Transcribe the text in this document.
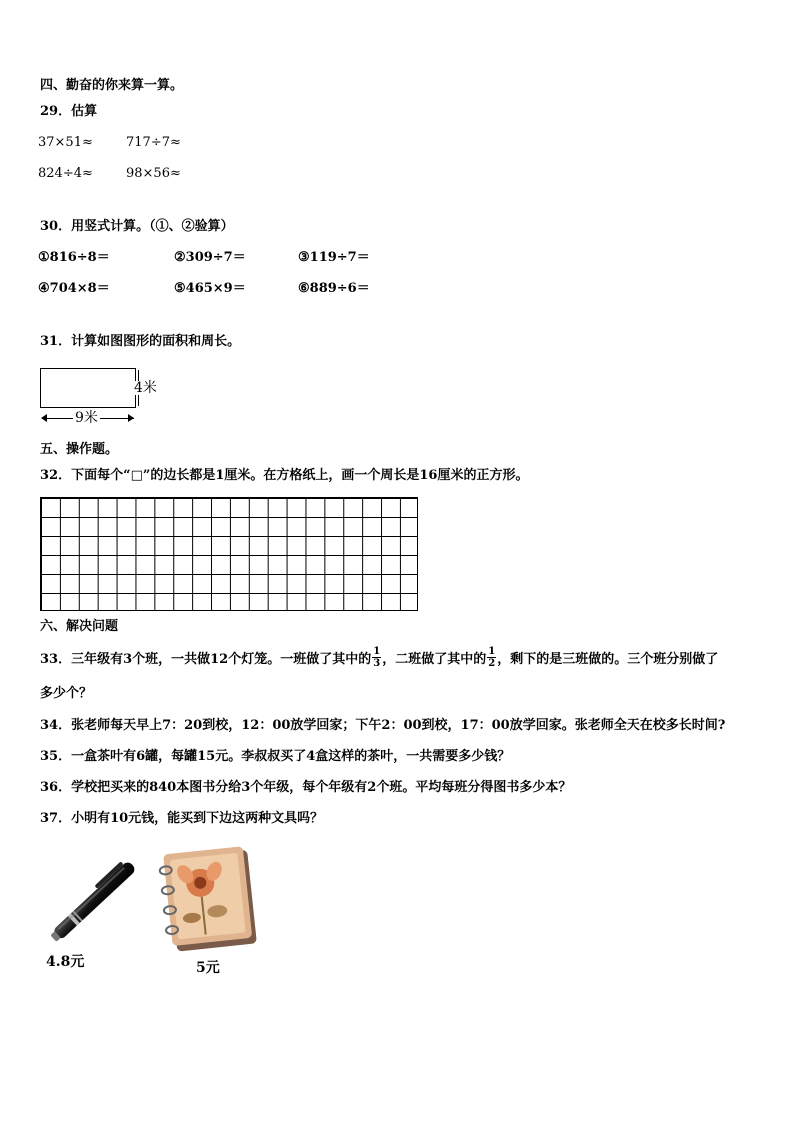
四、勤奋的你来算一算。
29．估算
37×51≈	717÷7≈
824÷4≈	98×56≈
30．用竖式计算。（①、②验算）
①816÷8＝	②309÷7＝	③119÷7＝
④704×8＝	⑤465×9＝	⑥889÷6＝
31．计算如图图形的面积和周长。
4米
9米
五、操作题。
32．下面每个“□”的边长都是1厘米。在方格纸上，画一个周长是16厘米的正方形。
六、解决问题
33．三年级有3个班，一共做12个灯笼。一班做了其中的 $\frac{1}{3}$ ，二班做了其中的 $\frac{1}{2}$ ，剩下的是三班做的。三个班分别做了
多少个？
34．张老师每天早上7：20到校，12：00放学回家；下午2：00到校，17：00放学回家。张老师全天在校多长时间?
35．一盒茶叶有6罐，每罐15元。李叔叔买了4盒这样的茶叶，一共需要多少钱？
36．学校把买来的840本图书分给3个年级，每个年级有2个班。平均每班分得图书多少本？
37．小明有10元钱，能买到下边这两种文具吗？
4.8元	5元
